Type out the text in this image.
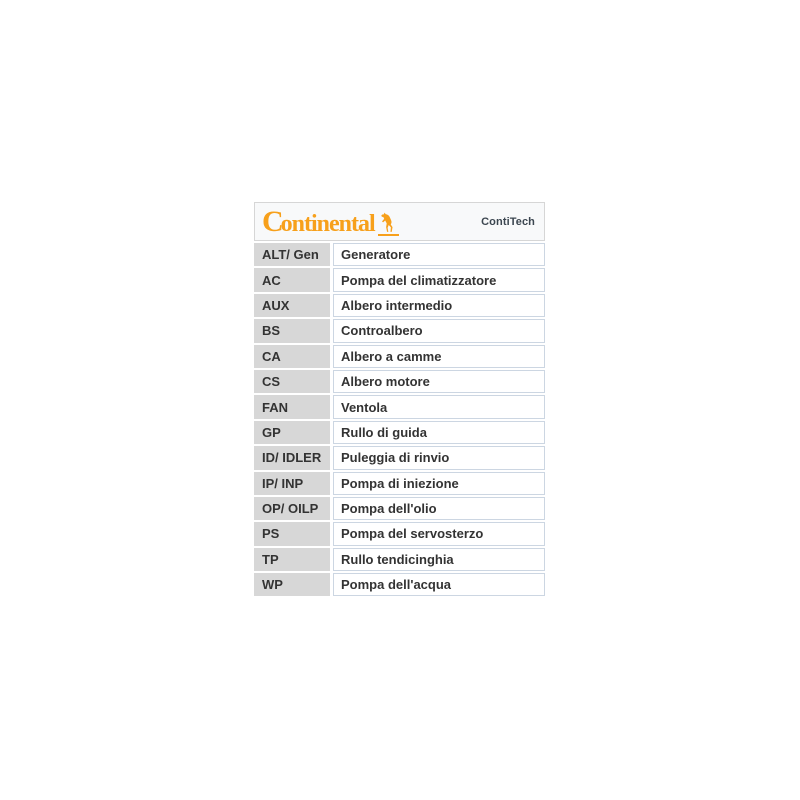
C
ontinental	ContiTech
ALT/ Gen	Generatore
AC	Pompa del climatizzatore
AUX	Albero intermedio
BS	Controalbero
CA	Albero a camme
CS	Albero motore
FAN	Ventola
GP	Rullo di guida
ID/ IDLER	Puleggia di rinvio
IP/ INP	Pompa di iniezione
OP/ OILP	Pompa dell'olio
PS	Pompa del servosterzo
TP	Rullo tendicinghia
WP	Pompa dell'acqua
